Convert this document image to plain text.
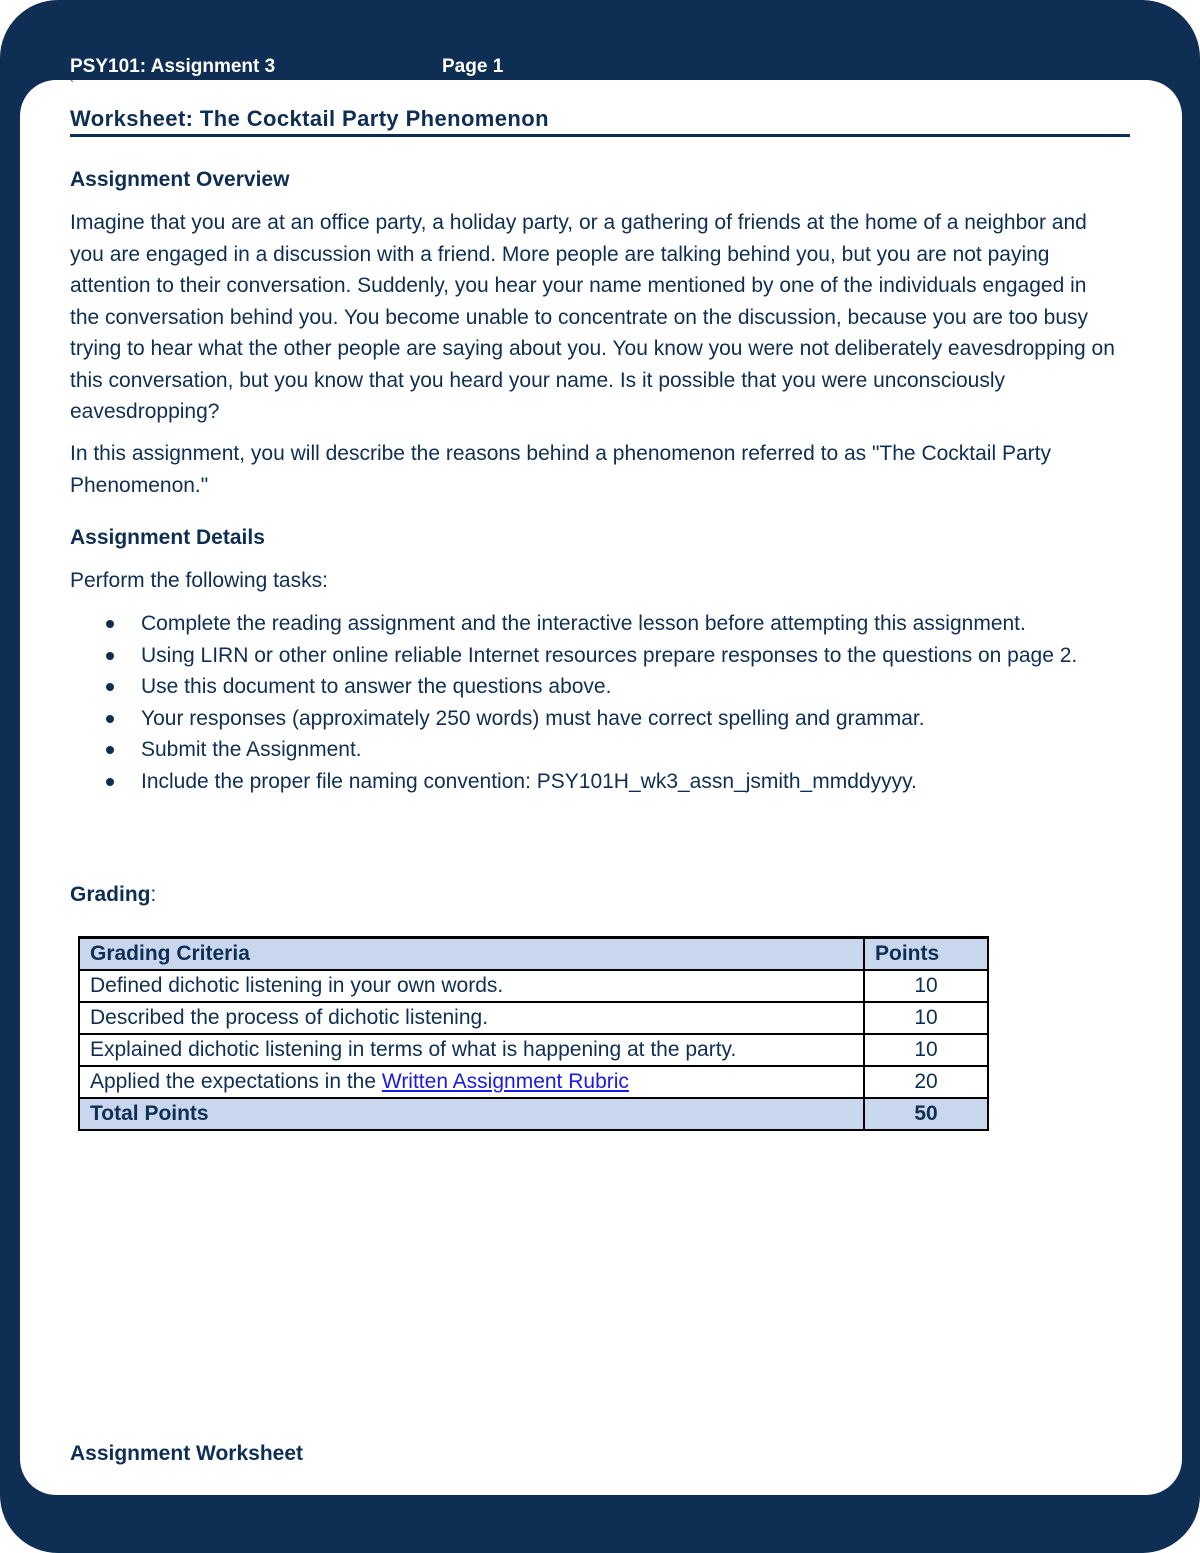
PSY101: Assignment 3	Page 1
`
Worksheet: The Cocktail Party Phenomenon
Assignment Overview

Imagine that you are at an office party, a holiday party, or a gathering of friends at the home of a neighbor and you are engaged in a discussion with a friend. More people are talking behind you, but you are not paying attention to their conversation. Suddenly, you hear your name mentioned by one of the individuals engaged in the conversation behind you. You become unable to concentrate on the discussion, because you are too busy trying to hear what the other people are saying about you. You know you were not deliberately eavesdropping on this conversation, but you know that you heard your name. Is it possible that you were unconsciously eavesdropping?

In this assignment, you will describe the reasons behind a phenomenon referred to as "The Cocktail Party Phenomenon."

Assignment Details

Perform the following tasks:

Complete the reading assignment and the interactive lesson before attempting this assignment.
Using LIRN or other online reliable Internet resources prepare responses to the questions on page 2.
Use this document to answer the questions above.
Your responses (approximately 250 words) must have correct spelling and grammar.
Submit the Assignment.
Include the proper file naming convention: PSY101H_wk3_assn_jsmith_mmddyyyy.
Grading:
Grading Criteria	Points
Defined dichotic listening in your own words.	10
Described the process of dichotic listening.	10
Explained dichotic listening in terms of what is happening at the party.	10
Applied the expectations in the Written Assignment Rubric	20
Total Points	50
Assignment Worksheet
